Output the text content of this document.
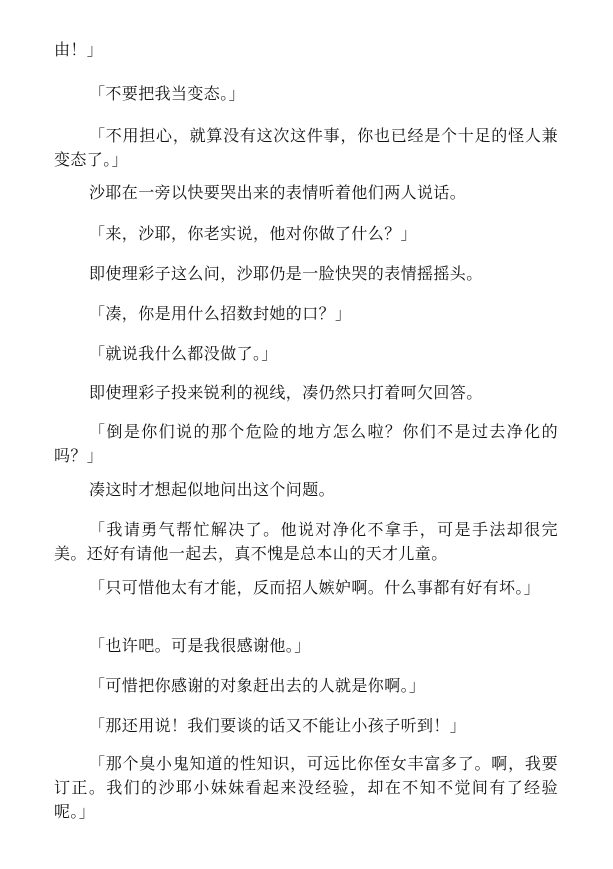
由！」

「不要把我当变态。」

「不用担心，就算没有这次这件事，你也已经是个十足的怪人兼变态了。」

沙耶在一旁以快要哭出来的表情听着他们两人说话。

「来，沙耶，你老实说，他对你做了什么？」

即使理彩子这么问，沙耶仍是一脸快哭的表情摇摇头。

「凑，你是用什么招数封她的口？」

「就说我什么都没做了。」

即使理彩子投来锐利的视线，凑仍然只打着呵欠回答。

「倒是你们说的那个危险的地方怎么啦？你们不是过去净化的吗？」

凑这时才想起似地问出这个问题。

「我请勇气帮忙解决了。他说对净化不拿手，可是手法却很完美。还好有请他一起去，真不愧是总本山的天才儿童。

「只可惜他太有才能，反而招人嫉妒啊。什么事都有好有坏。」

「也许吧。可是我很感谢他。」

「可惜把你感谢的对象赶出去的人就是你啊。」

「那还用说！我们要谈的话又不能让小孩子听到！」

「那个臭小鬼知道的性知识，可远比你侄女丰富多了。啊，我要订正。我们的沙耶小妹妹看起来没经验，却在不知不觉间有了经验呢。」
